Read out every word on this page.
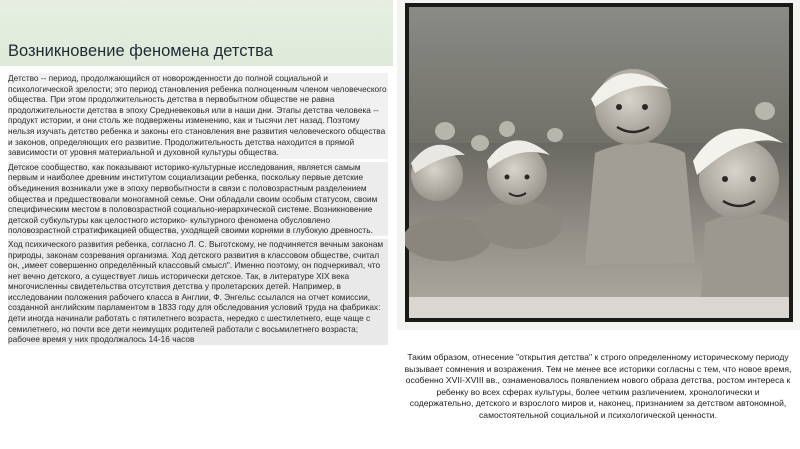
Возникновение феномена детства

Детство -- период, продолжающийся от новорожденности до полной социальной и психологической зрелости; это период становления ребенка полноценным членом человеческого общества. При этом продолжительность детства в первобытном обществе не равна продолжительности детства в эпоху Средневековья или в наши дни. Этапы детства человека -- продукт истории, и они столь же подвержены изменению, как и тысячи лет назад. Поэтому нельзя изучать детство ребенка и законы его становления вне развития человеческого общества и законов, определяющих его развитие. Продолжительность детства находится в прямой зависимости от уровня материальной и духовной культуры общества.

Детское сообщество, как показывают историко-культурные исследования, является самым первым и наиболее древним институтом социализации ребенка, поскольку первые детские объединения возникали уже в эпоху первобытности в связи с половозрастным разделением общества и предшествовали моногамной семье. Они обладали своим особым статусом, своим специфическим местом в половозрастной социально-иерархической системе. Возникновение детской субкультуры как целостного историко- культурного феномена обусловлено половозрастной стратификацией общества, уходящей своими корнями в глубокую древность.

Ход психического развития ребенка, согласно Л. С. Выготскому, не подчиняется вечным законам природы, законам созревания организма. Ход детского развития в классовом обществе, считал он, „имеет совершенно определённый классовый смысл". Именно поэтому, он подчеркивал, что нет вечно детского, а существует лишь исторически детское. Так, в литературе XIX века многочисленны свидетельства отсутствия детства у пролетарских детей. Например, в исследовании положения рабочего класса в Англии, Ф. Энгельс ссылался на отчет комиссии, созданной английским парламентом в 1833 году для обследования условий труда на фабриках: дети иногда начинали работать с пятилетнего возраста, нередко с шестилетнего, еще чаще с семилетнего, но почти все дети неимущих родителей работали с восьмилетнего возраста; рабочее время у них продолжалось 14-16 часов

Таким образом, отнесение "открытия детства" к строго определенному историческому периоду вызывает сомнения и возражения. Тем не менее все историки согласны с тем, что новое время, особенно XVII-XVIII вв., ознаменовалось появлением нового образа детства, ростом интереса к ребенку во всех сферах культуры, более четким различением, хронологически и содержательно, детского и взрослого миров и, наконец, признанием за детством автономной, самостоятельной социальной и психологической ценности.
